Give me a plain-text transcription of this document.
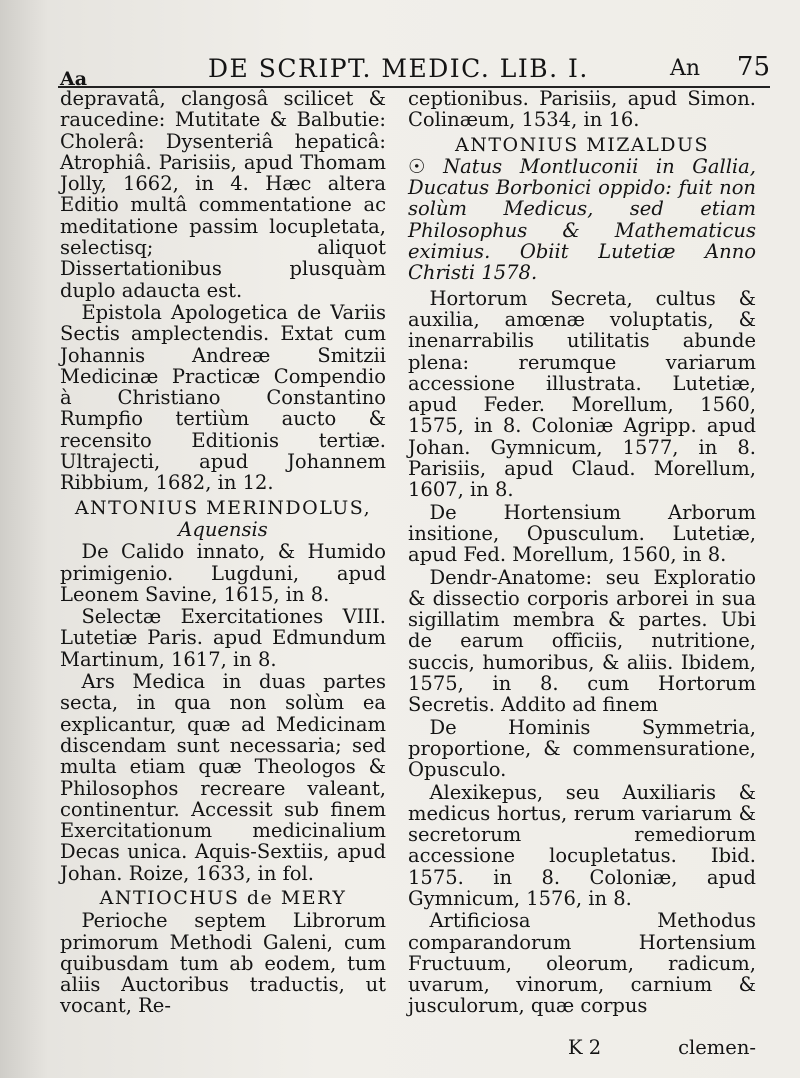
Aa	DE SCRIPT. MEDIC. LIB. I.	An 75

depravatâ, clangosâ scilicet & raucedine: Mutitate & Balbutie: Cholerâ: Dysenteriâ hepaticâ: Atrophiâ. Parisiis, apud Thomam Jolly, 1662, in 4. Hæc altera Editio multâ commentatione ac meditatione passim locupletata, selectisq; aliquot Dissertationibus plusquàm duplo adaucta est.

Epistola Apologetica de Variis Sectis amplectendis. Extat cum Johannis Andreæ Smitzii Medicinæ Practicæ Compendio à Christiano Constantino Rumpfio tertiùm aucto & recensito Editionis tertiæ. Ultrajecti, apud Johannem Ribbium, 1682, in 12.

ANTONIUS MERINDOLUS,
Aquensis

De Calido innato, & Humido primigenio. Lugduni, apud Leonem Savine, 1615, in 8.

Selectæ Exercitationes VIII. Lutetiæ Paris. apud Edmundum Martinum, 1617, in 8.

Ars Medica in duas partes secta, in qua non solùm ea explicantur, quæ ad Medicinam discendam sunt necessaria; sed multa etiam quæ Theologos & Philosophos recreare valeant, continentur. Accessit sub finem Exercitationum medicinalium Decas unica. Aquis-Sextiis, apud Johan. Roize, 1633, in fol.

ANTIOCHUS de MERY

Perioche septem Librorum primorum Methodi Galeni, cum quibusdam tum ab eodem, tum aliis Auctoribus traductis, ut vocant, Re-

ceptionibus. Parisiis, apud Simon. Colinæum, 1534, in 16.

ANTONIUS MIZALDUS

☉ Natus Montluconii in Gallia, Ducatus Borbonici oppido: fuit non solùm Medicus, sed etiam Philosophus & Mathematicus eximius. Obiit Lutetiæ Anno Christi 1578.

Hortorum Secreta, cultus & auxilia, amœnæ voluptatis, & inenarrabilis utilitatis abunde plena: rerumque variarum accessione illustrata. Lutetiæ, apud Feder. Morellum, 1560, 1575, in 8. Coloniæ Agripp. apud Johan. Gymnicum, 1577, in 8. Parisiis, apud Claud. Morellum, 1607, in 8.

De Hortensium Arborum insitione, Opusculum. Lutetiæ, apud Fed. Morellum, 1560, in 8.

Dendr-Anatome: seu Exploratio & dissectio corporis arborei in sua sigillatim membra & partes. Ubi de earum officiis, nutritione, succis, humoribus, & aliis. Ibidem, 1575, in 8. cum Hortorum Secretis. Addito ad finem

De Hominis Symmetria, proportione, & commensuratione, Opusculo.

Alexikepus, seu Auxiliaris & medicus hortus, rerum variarum & secretorum remediorum accessione locupletatus. Ibid. 1575. in 8. Coloniæ, apud Gymnicum, 1576, in 8.

Artificiosa Methodus comparandorum Hortensium Fructuum, oleorum, radicum, uvarum, vinorum, carnium & jusculorum, quæ corpus

K 2	clemen-
